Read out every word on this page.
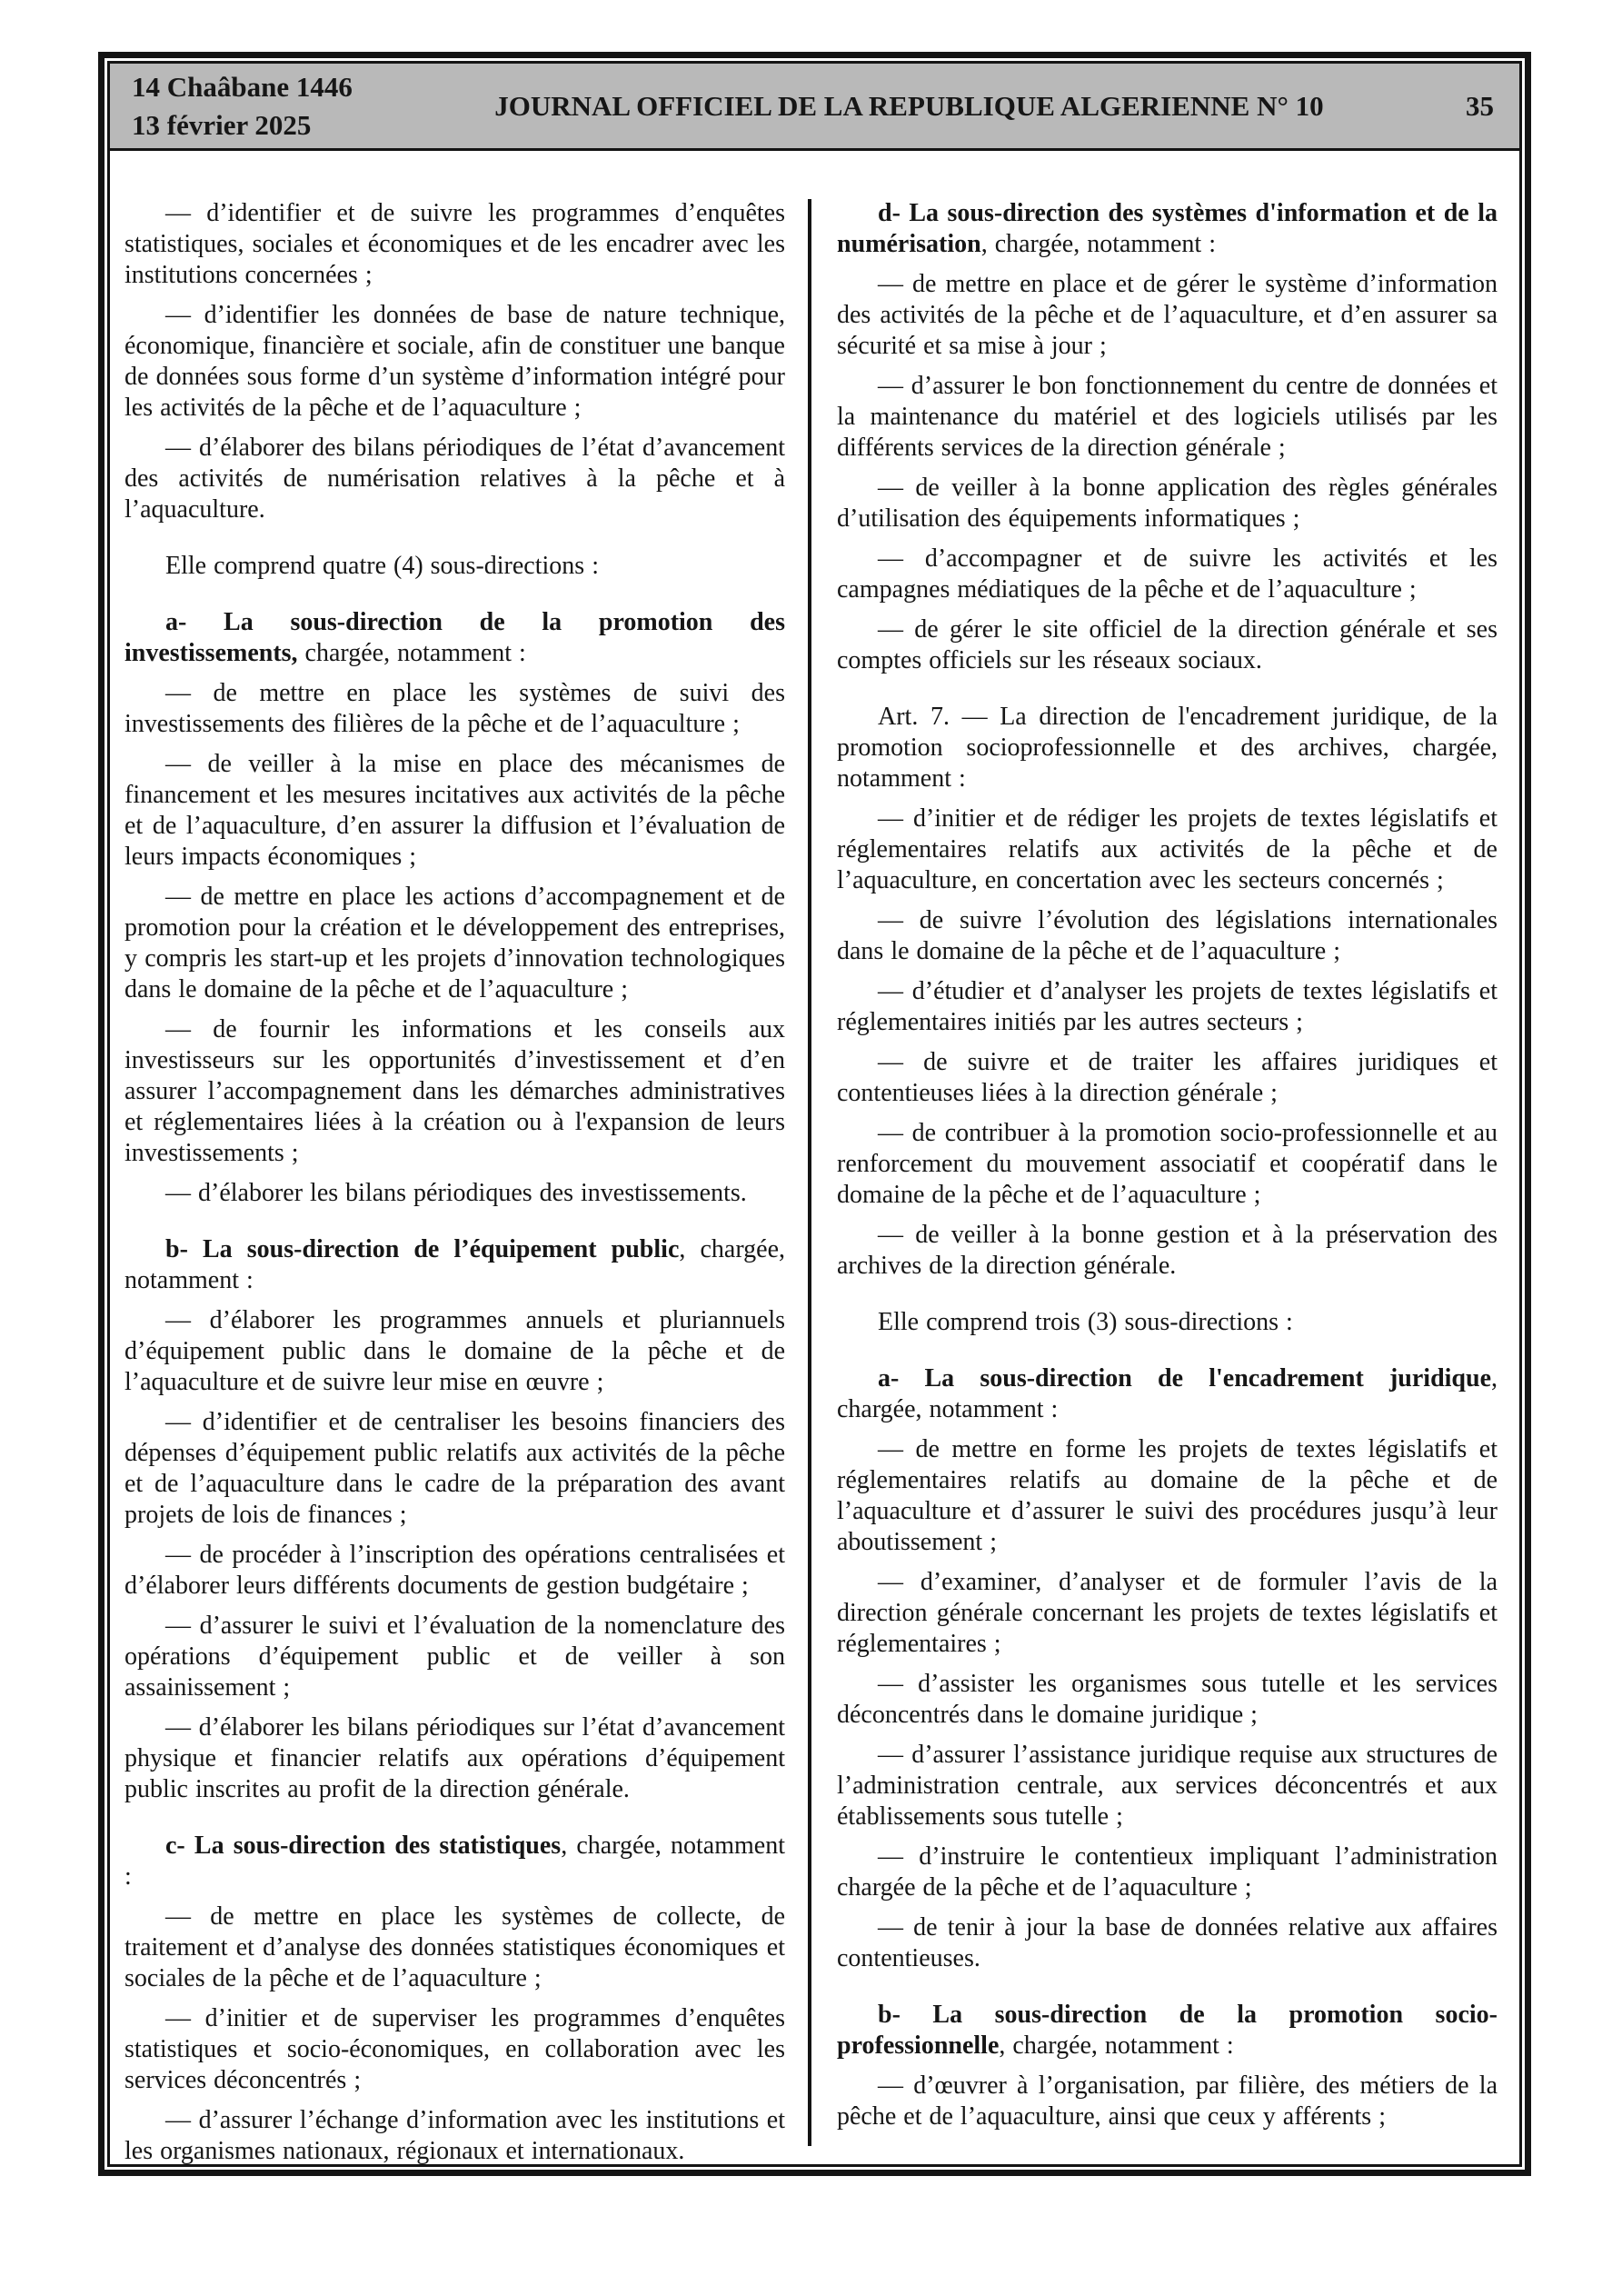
14 Chaâbane 1446
13 février 2025
JOURNAL OFFICIEL DE LA REPUBLIQUE ALGERIENNE N° 10	35

— d’identifier et de suivre les programmes d’enquêtes statistiques, sociales et économiques et de les encadrer avec les institutions concernées ;

— d’identifier les données de base de nature technique, économique, financière et sociale, afin de constituer une banque de données sous forme d’un système d’information intégré pour les activités de la pêche et de l’aquaculture ;

— d’élaborer des bilans périodiques de l’état d’avancement des activités de numérisation relatives à la pêche et à l’aquaculture.

Elle comprend quatre (4) sous-directions :

a- La sous-direction de la promotion des investissements, chargée, notamment :

— de mettre en place les systèmes de suivi des investissements des filières de la pêche et de l’aquaculture ;

— de veiller à la mise en place des mécanismes de financement et les mesures incitatives aux activités de la pêche et de l’aquaculture, d’en assurer la diffusion et l’évaluation de leurs impacts économiques ;

— de mettre en place les actions d’accompagnement et de promotion pour la création et le développement des entreprises, y compris les start-up et les projets d’innovation technologiques dans le domaine de la pêche et de l’aquaculture ;

— de fournir les informations et les conseils aux investisseurs sur les opportunités d’investissement et d’en assurer l’accompagnement dans les démarches administratives et réglementaires liées à la création ou à l'expansion de leurs investissements ;

— d’élaborer les bilans périodiques des investissements.

b- La sous-direction de l’équipement public, chargée, notamment :

— d’élaborer les programmes annuels et pluriannuels d’équipement public dans le domaine de la pêche et de l’aquaculture et de suivre leur mise en œuvre ;

— d’identifier et de centraliser les besoins financiers des dépenses d’équipement public relatifs aux activités de la pêche et de l’aquaculture dans le cadre de la préparation des avant projets de lois de finances ;

— de procéder à l’inscription des opérations centralisées et d’élaborer leurs différents documents de gestion budgétaire ;

— d’assurer le suivi et l’évaluation de la nomenclature des opérations d’équipement public et de veiller à son assainissement ;

— d’élaborer les bilans périodiques sur l’état d’avancement physique et financier relatifs aux opérations d’équipement public inscrites au profit de la direction générale.

c- La sous-direction des statistiques, chargée, notamment :

— de mettre en place les systèmes de collecte, de traitement et d’analyse des données statistiques économiques et sociales de la pêche et de l’aquaculture ;

— d’initier et de superviser les programmes d’enquêtes statistiques et socio-économiques, en collaboration avec les services déconcentrés ;

— d’assurer l’échange d’information avec les institutions et les organismes nationaux, régionaux et internationaux.

d- La sous-direction des systèmes d'information et de la numérisation, chargée, notamment :

— de mettre en place et de gérer le système d’information des activités de la pêche et de l’aquaculture, et d’en assurer sa sécurité et sa mise à jour ;

— d’assurer le bon fonctionnement du centre de données et la maintenance du matériel et des logiciels utilisés par les différents services de la direction générale ;

— de veiller à la bonne application des règles générales d’utilisation des équipements informatiques ;

— d’accompagner et de suivre les activités et les campagnes médiatiques de la pêche et de l’aquaculture ;

— de gérer le site officiel de la direction générale et ses comptes officiels sur les réseaux sociaux.

Art. 7. — La direction de l'encadrement juridique, de la promotion socioprofessionnelle et des archives, chargée, notamment :

— d’initier et de rédiger les projets de textes législatifs et réglementaires relatifs aux activités de la pêche et de l’aquaculture, en concertation avec les secteurs concernés ;

— de suivre l’évolution des législations internationales dans le domaine de la pêche et de l’aquaculture ;

— d’étudier et d’analyser les projets de textes législatifs et réglementaires initiés par les autres secteurs ;

— de suivre et de traiter les affaires juridiques et contentieuses liées à la direction générale ;

— de contribuer à la promotion socio-professionnelle et au renforcement du mouvement associatif et coopératif dans le domaine de la pêche et de l’aquaculture ;

— de veiller à la bonne gestion et à la préservation des archives de la direction générale.

Elle comprend trois (3) sous-directions :

a- La sous-direction de l'encadrement juridique, chargée, notamment :

— de mettre en forme les projets de textes législatifs et réglementaires relatifs au domaine de la pêche et de l’aquaculture et d’assurer le suivi des procédures jusqu’à leur aboutissement ;

— d’examiner, d’analyser et de formuler l’avis de la direction générale concernant les projets de textes législatifs et réglementaires ;

— d’assister les organismes sous tutelle et les services déconcentrés dans le domaine juridique ;

— d’assurer l’assistance juridique requise aux structures de l’administration centrale, aux services déconcentrés et aux établissements sous tutelle ;

— d’instruire le contentieux impliquant l’administration chargée de la pêche et de l’aquaculture ;

— de tenir à jour la base de données relative aux affaires contentieuses.

b- La sous-direction de la promotion socio-professionnelle, chargée, notamment :

— d’œuvrer à l’organisation, par filière, des métiers de la pêche et de l’aquaculture, ainsi que ceux y afférents ;
